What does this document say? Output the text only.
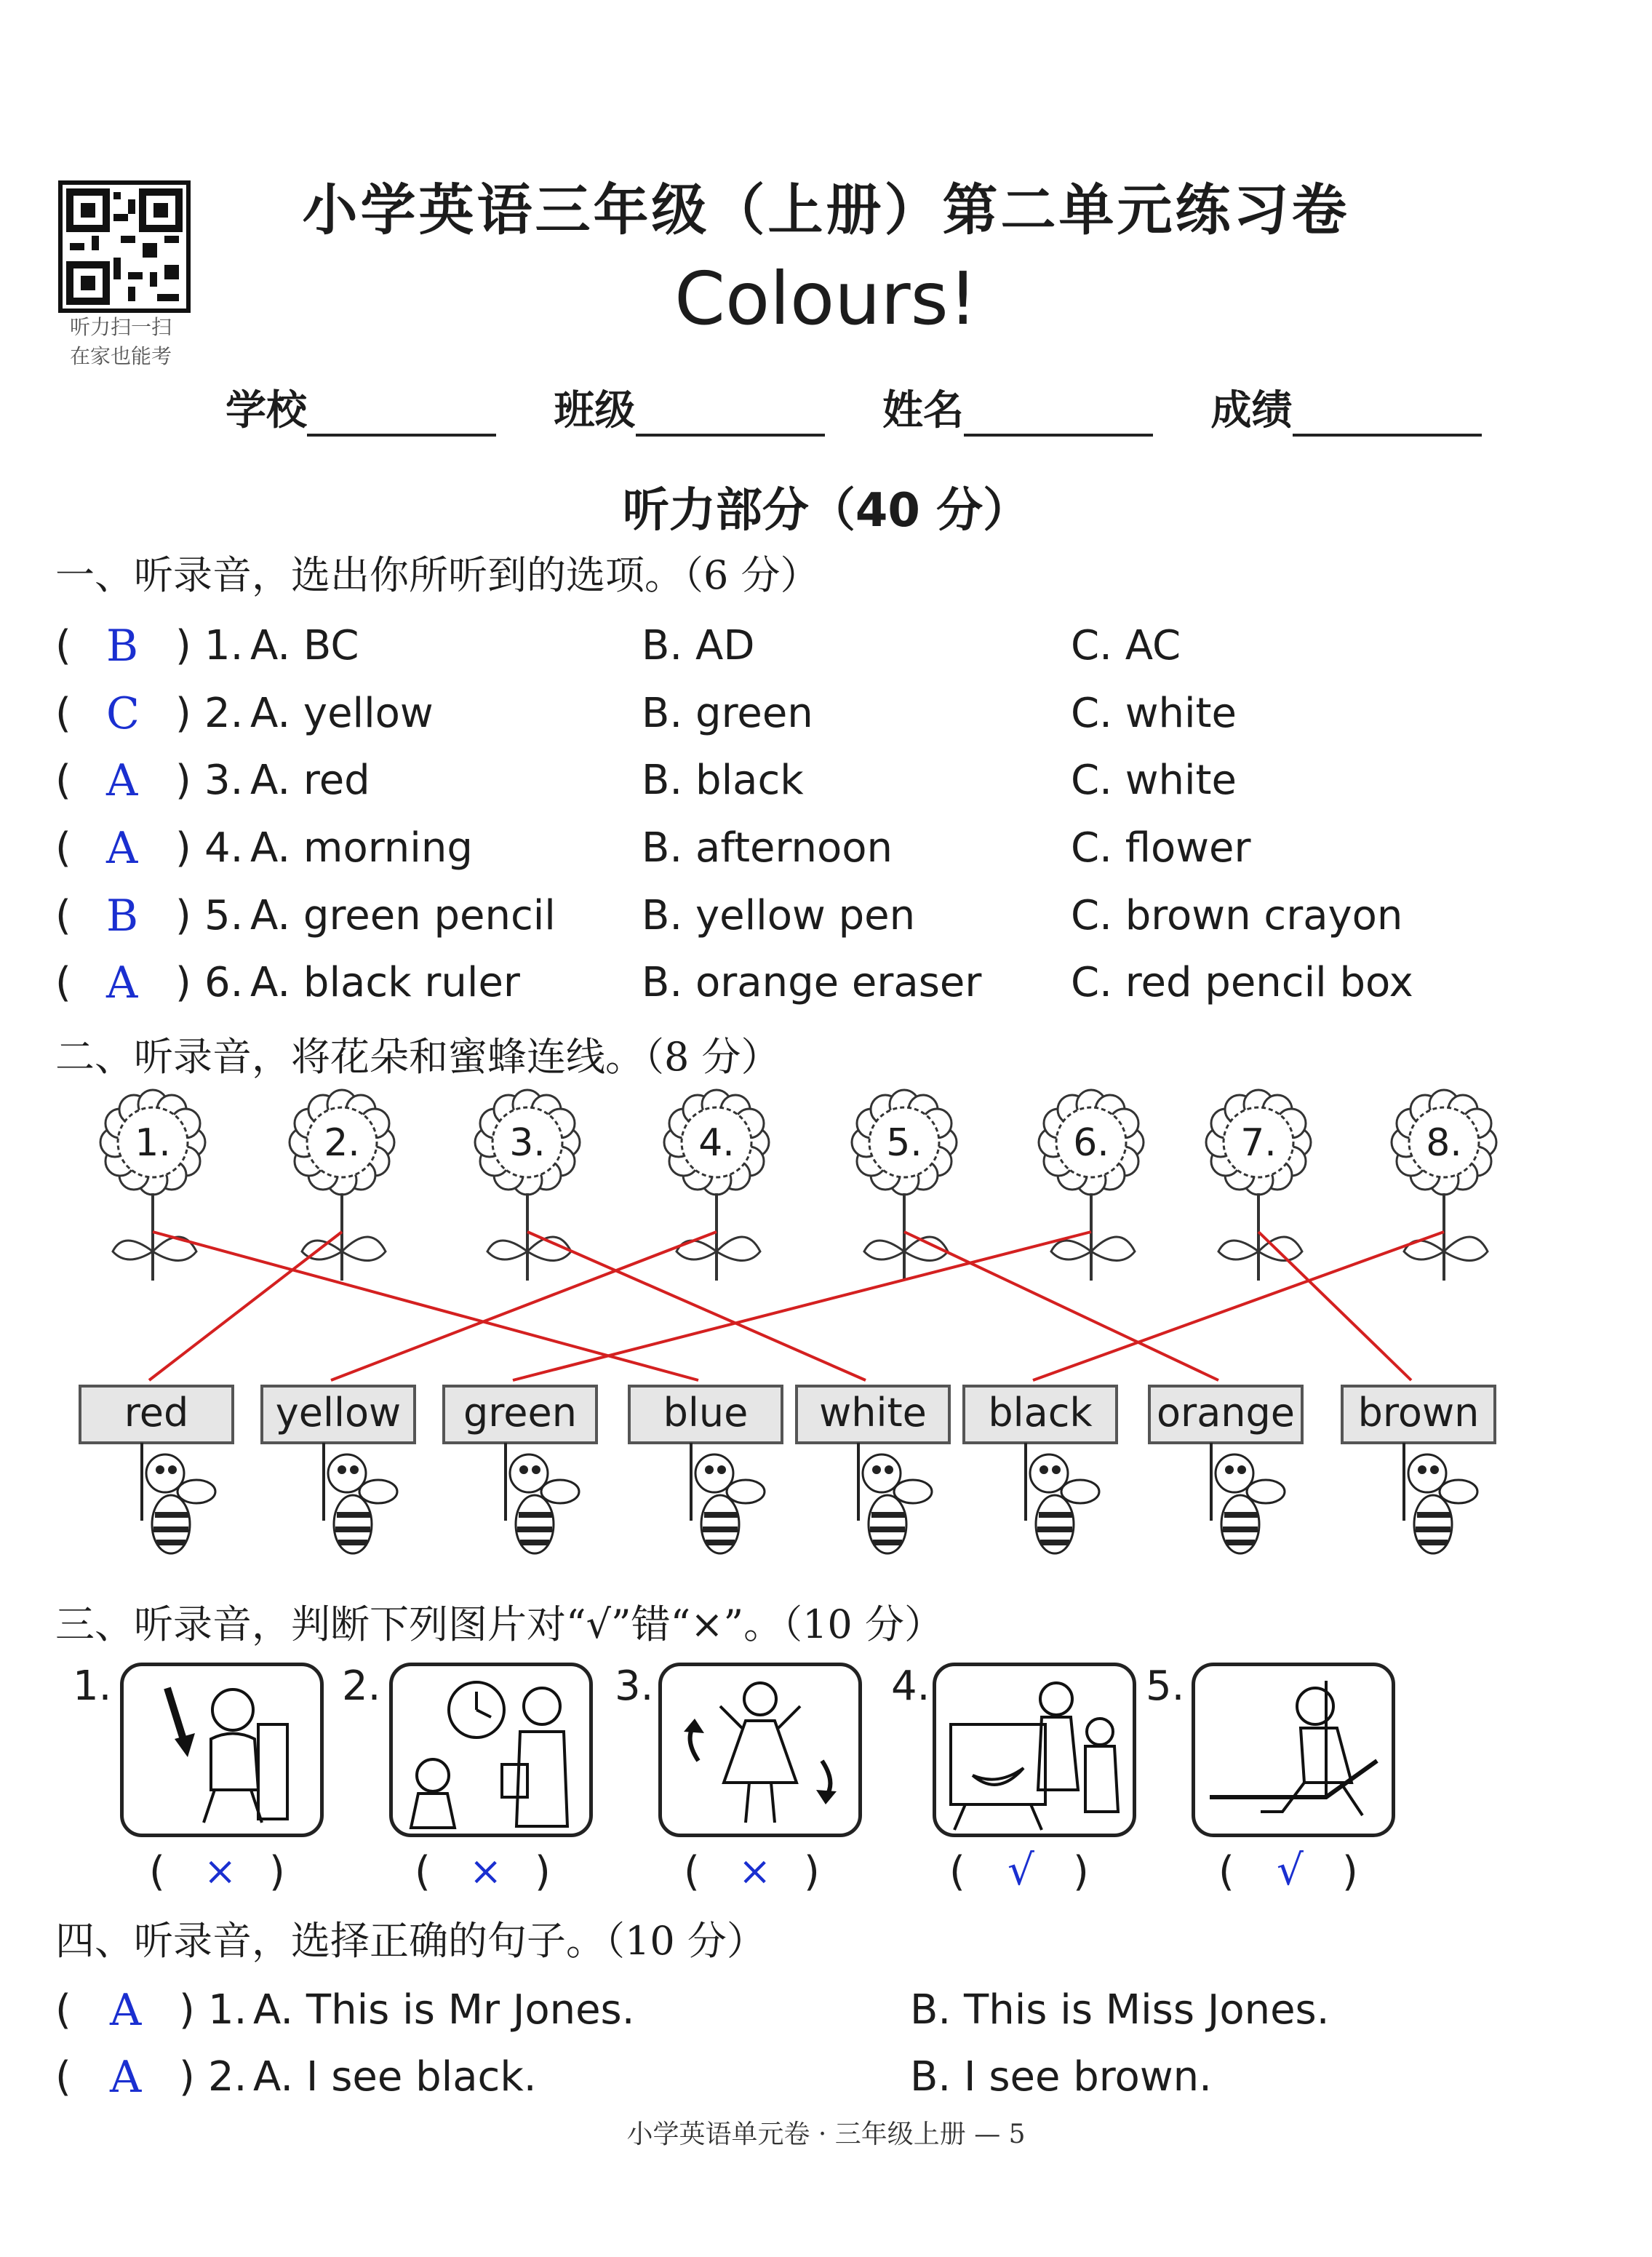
听力扫一扫
在家也能考
小学英语三年级（上册）第二单元练习卷
Colours!
学校	班级	姓名	成绩
听力部分（40 分）
一、听录音，选出你所听到的选项。（6 分）
( B ) 1. A. BC	B. AD	C. AC
( C ) 2. A. yellow	B. green	C. white
( A ) 3. A. red	B. black	C. white
( A ) 4. A. morning	B. afternoon	C. flower
( B ) 5. A. green pencil B. yellow pen	C. brown crayon
( A ) 6. A. black ruler	B. orange eraser C. red pencil box
二、听录音，将花朵和蜜蜂连线。（8 分）
1.	2.	3.	4.	5.	6.	7.	8.
red yellow green blue white black orange brown
三、听录音，判断下列图片对“√”错“×”。（10 分）
1.	2.	3.	4.	5.
( × )	( × )	( × )	( √ )	( √ )
四、听录音，选择正确的句子。（10 分）
( A ) 1. A. This is Mr Jones.	B. This is Miss Jones.
( A ) 2. A. I see black.	B. I see brown.
小学英语单元卷 · 三年级上册 — 5
